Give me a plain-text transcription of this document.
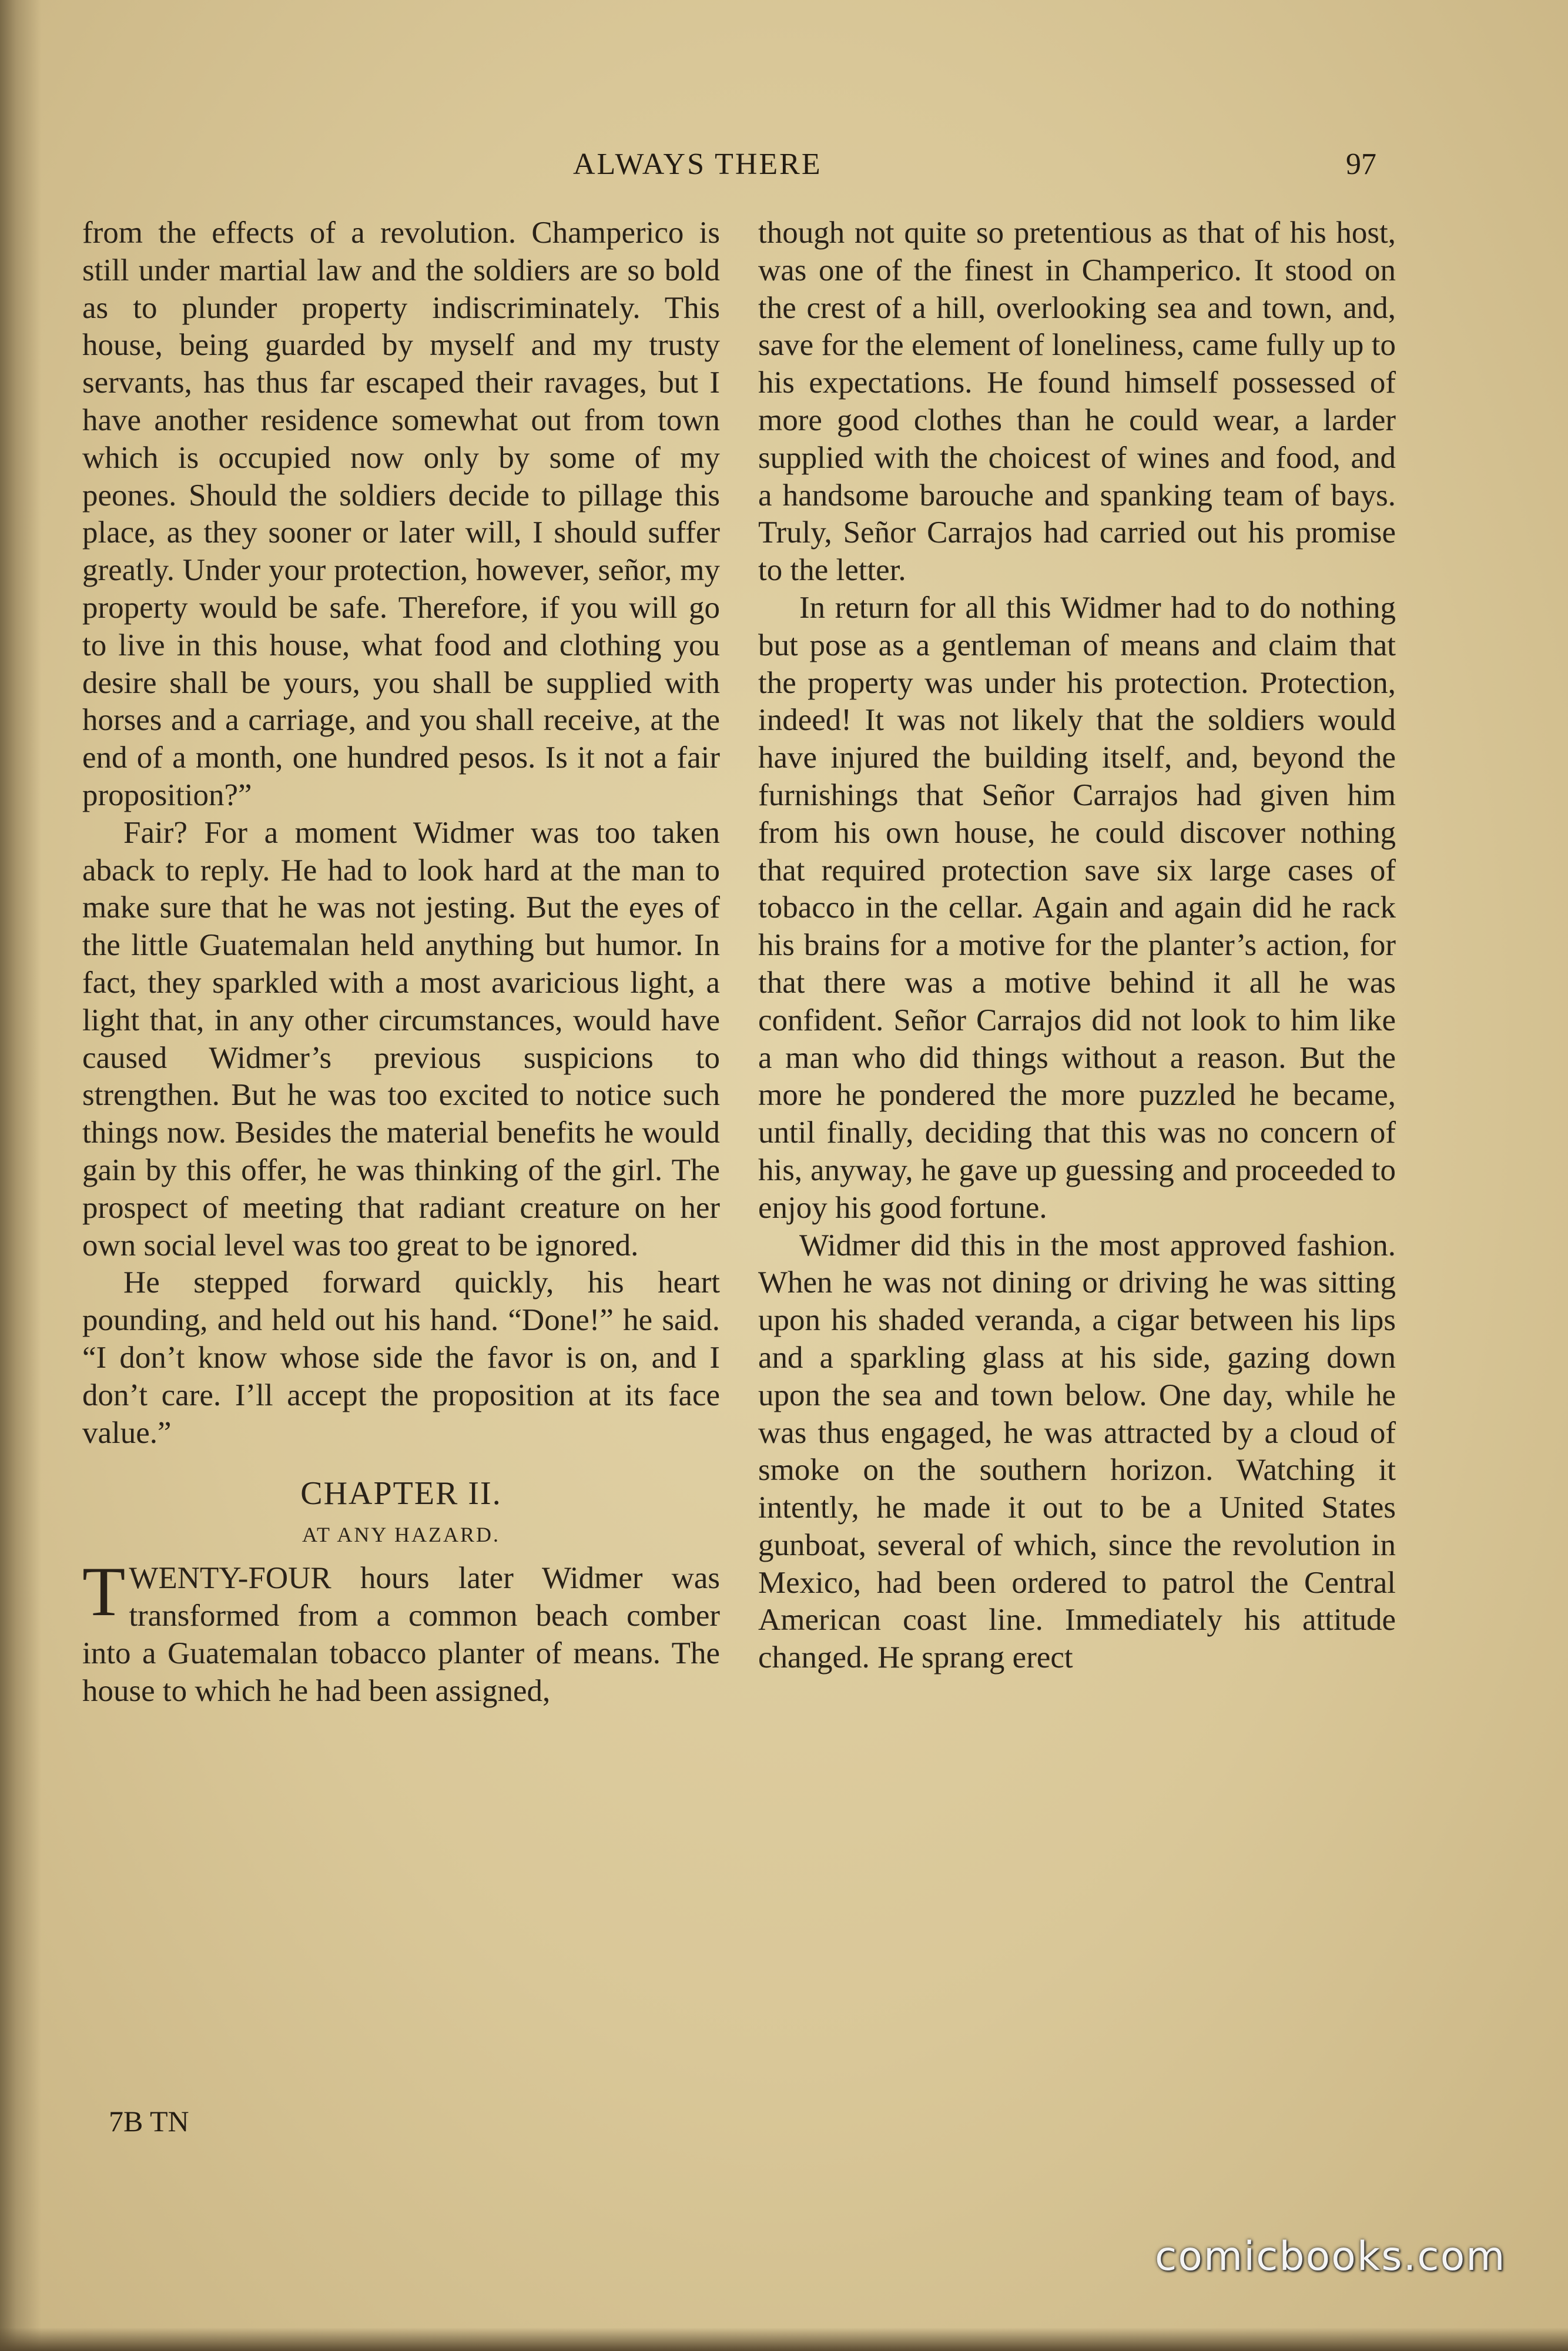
ALWAYS THERE	97

from the effects of a revolution. Champerico is still under martial law and the soldiers are so bold as to plunder property indiscriminately. This house, being guarded by myself and my trusty servants, has thus far escaped their ravages, but I have another residence somewhat out from town which is occupied now only by some of my peones. Should the soldiers decide to pillage this place, as they sooner or later will, I should suffer greatly. Under your protection, however, señor, my property would be safe. Therefore, if you will go to live in this house, what food and clothing you desire shall be yours, you shall be supplied with horses and a carriage, and you shall receive, at the end of a month, one hundred pesos. Is it not a fair proposition?”

Fair? For a moment Widmer was too taken aback to reply. He had to look hard at the man to make sure that he was not jesting. But the eyes of the little Guatemalan held anything but humor. In fact, they sparkled with a most avaricious light, a light that, in any other circumstances, would have caused Widmer’s previous suspicions to strengthen. But he was too excited to notice such things now. Besides the material benefits he would gain by this offer, he was thinking of the girl. The prospect of meeting that radiant creature on her own social level was too great to be ignored.

He stepped forward quickly, his heart pounding, and held out his hand. “Done!” he said. “I don’t know whose side the favor is on, and I don’t care. I’ll accept the proposition at its face value.”

CHAPTER II.
AT ANY HAZARD.

TWENTY-FOUR hours later Widmer was transformed from a common beach comber into a Guatemalan tobacco planter of means. The house to which he had been assigned,

7B TN

though not quite so pretentious as that of his host, was one of the finest in Champerico. It stood on the crest of a hill, overlooking sea and town, and, save for the element of loneliness, came fully up to his expectations. He found himself possessed of more good clothes than he could wear, a larder supplied with the choicest of wines and food, and a handsome barouche and spanking team of bays. Truly, Señor Carrajos had carried out his promise to the letter.

In return for all this Widmer had to do nothing but pose as a gentleman of means and claim that the property was under his protection. Protection, indeed! It was not likely that the soldiers would have injured the building itself, and, beyond the furnishings that Señor Carrajos had given him from his own house, he could discover nothing that required protection save six large cases of tobacco in the cellar. Again and again did he rack his brains for a motive for the planter’s action, for that there was a motive behind it all he was confident. Señor Carrajos did not look to him like a man who did things without a reason. But the more he pondered the more puzzled he became, until finally, deciding that this was no concern of his, anyway, he gave up guessing and proceeded to enjoy his good fortune.

Widmer did this in the most approved fashion. When he was not dining or driving he was sitting upon his shaded veranda, a cigar between his lips and a sparkling glass at his side, gazing down upon the sea and town below. One day, while he was thus engaged, he was attracted by a cloud of smoke on the southern horizon. Watching it intently, he made it out to be a United States gunboat, several of which, since the revolution in Mexico, had been ordered to patrol the Central American coast line. Immediately his attitude changed. He sprang erect

comicbooks.com
